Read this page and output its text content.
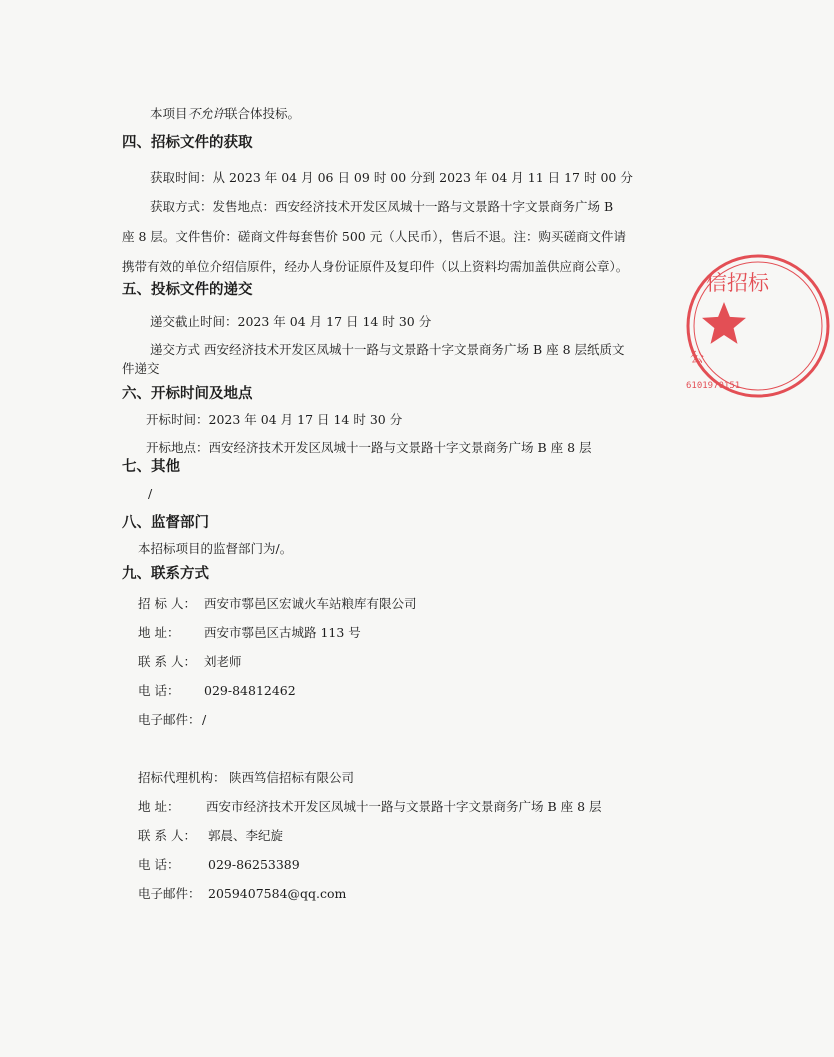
本项目不允许联合体投标。
四、招标文件的获取
获取时间：从 2023 年 04 月 06 日 09 时 00 分到 2023 年 04 月 11 日 17 时 00 分
获取方式：发售地点：西安经济技术开发区凤城十一路与文景路十字文景商务广场 B
座 8 层。文件售价：磋商文件每套售价 500 元（人民币），售后不退。注：购买磋商文件请
携带有效的单位介绍信原件，经办人身份证原件及复印件（以上资料均需加盖供应商公章）。
五、投标文件的递交
递交截止时间：2023 年 04 月 17 日 14 时 30 分
递交方式 西安经济技术开发区凤城十一路与文景路十字文景商务广场 B 座 8 层纸质文
件递交
六、开标时间及地点
开标时间：2023 年 04 月 17 日 14 时 30 分
开标地点：西安经济技术开发区凤城十一路与文景路十字文景商务广场 B 座 8 层
七、其他
/
八、监督部门
本招标项目的监督部门为/。
九、联系方式
招 标 人： 西安市鄠邑区宏诚火车站粮库有限公司
地 址： 西安市鄠邑区古城路 113 号
联 系 人： 刘老师
电 话： 029-84812462
电子邮件： /
招标代理机构： 陕西笃信招标有限公司
地 址： 西安市经济技术开发区凤城十一路与文景路十字文景商务广场 B 座 8 层
联 系 人： 郭晨、李纪旋
电 话： 029-86253389
电子邮件： 2059407584@qq.com
信招标
6101970151
公
